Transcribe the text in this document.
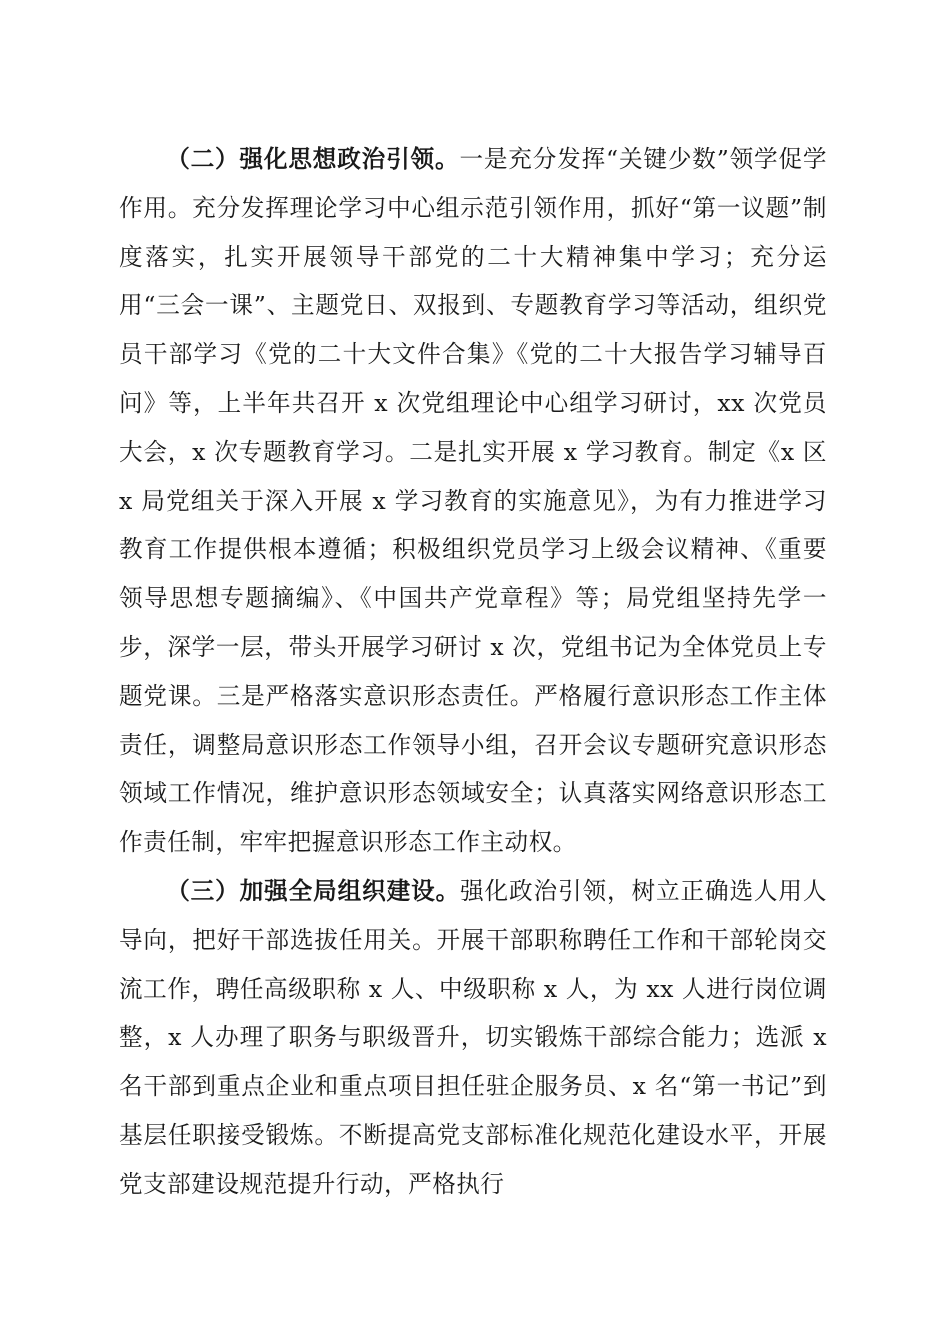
（二）强化思想政治引领。一是充分发挥“关键少数”领学促学作用。充分发挥理论学习中心组示范引领作用，抓好“第一议题”制度落实，扎实开展领导干部党的二十大精神集中学习；充分运用“三会一课”、主题党日、双报到、专题教育学习等活动，组织党员干部学习《党的二十大文件合集》《党的二十大报告学习辅导百问》等，上半年共召开 x 次党组理论中心组学习研讨，xx 次党员大会，x 次专题教育学习。二是扎实开展 x 学习教育。制定《x 区 x 局党组关于深入开展 x 学习教育的实施意见》，为有力推进学习教育工作提供根本遵循；积极组织党员学习上级会议精神、《重要领导思想专题摘编》、《中国共产党章程》等；局党组坚持先学一步，深学一层，带头开展学习研讨 x 次，党组书记为全体党员上专题党课。三是严格落实意识形态责任。严格履行意识形态工作主体责任，调整局意识形态工作领导小组，召开会议专题研究意识形态领域工作情况，维护意识形态领域安全；认真落实网络意识形态工作责任制，牢牢把握意识形态工作主动权。

（三）加强全局组织建设。强化政治引领，树立正确选人用人导向，把好干部选拔任用关。开展干部职称聘任工作和干部轮岗交流工作，聘任高级职称 x 人、中级职称 x 人，为 xx 人进行岗位调整，x 人办理了职务与职级晋升，切实锻炼干部综合能力；选派 x 名干部到重点企业和重点项目担任驻企服务员、x 名“第一书记”到基层任职接受锻炼。不断提高党支部标准化规范化建设水平，开展党支部建设规范提升行动，严格执行
